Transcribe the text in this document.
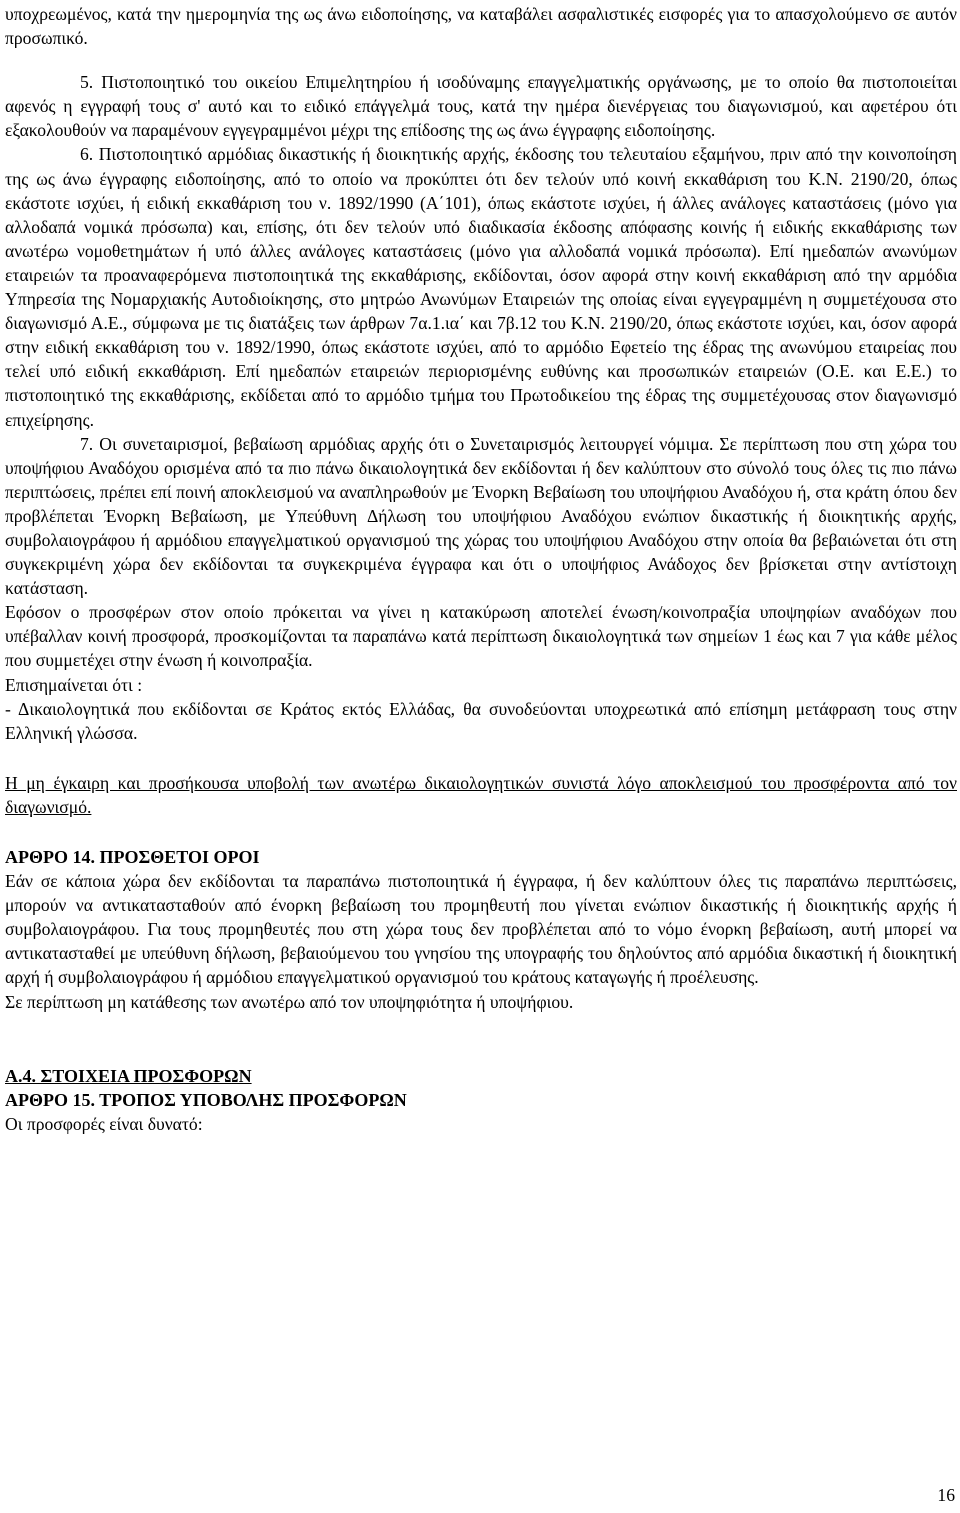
υποχρεωμένος, κατά την ημερομηνία της ως άνω ειδοποίησης, να καταβάλει ασφαλιστικές εισφορές για το απασχολούμενο σε αυτόν προσωπικό.

5. Πιστοποιητικό του οικείου Επιμελητηρίου ή ισοδύναμης επαγγελματικής οργάνωσης, με το οποίο θα πιστοποιείται αφενός η εγγραφή τους σ' αυτό και το ειδικό επάγγελμά τους, κατά την ημέρα διενέργειας του διαγωνισμού, και αφετέρου ότι εξακολουθούν να παραμένουν εγγεγραμμένοι μέχρι της επίδοσης της ως άνω έγγραφης ειδοποίησης.

6. Πιστοποιητικό αρμόδιας δικαστικής ή διοικητικής αρχής, έκδοσης του τελευταίου εξαμήνου, πριν από την κοινοποίηση της ως άνω έγγραφης ειδοποίησης, από το οποίο να προκύπτει ότι δεν τελούν υπό κοινή εκκαθάριση του Κ.Ν. 2190/20, όπως εκάστοτε ισχύει, ή ειδική εκκαθάριση του ν. 1892/1990 (Α΄101), όπως εκάστοτε ισχύει, ή άλλες ανάλογες καταστάσεις (μόνο για αλλοδαπά νομικά πρόσωπα) και, επίσης, ότι δεν τελούν υπό διαδικασία έκδοσης απόφασης κοινής ή ειδικής εκκαθάρισης των ανωτέρω νομοθετημάτων ή υπό άλλες ανάλογες καταστάσεις (μόνο για αλλοδαπά νομικά πρόσωπα). Επί ημεδαπών ανωνύμων εταιρειών τα προαναφερόμενα πιστοποιητικά της εκκαθάρισης, εκδίδονται, όσον αφορά στην κοινή εκκαθάριση από την αρμόδια Υπηρεσία της Νομαρχιακής Αυτοδιοίκησης, στο μητρώο Ανωνύμων Εταιρειών της οποίας είναι εγγεγραμμένη η συμμετέχουσα στο διαγωνισμό Α.Ε., σύμφωνα με τις διατάξεις των άρθρων 7α.1.ια΄ και 7β.12 του Κ.Ν. 2190/20, όπως εκάστοτε ισχύει, και, όσον αφορά στην ειδική εκκαθάριση του ν. 1892/1990, όπως εκάστοτε ισχύει, από το αρμόδιο Εφετείο της έδρας της ανωνύμου εταιρείας που τελεί υπό ειδική εκκαθάριση. Επί ημεδαπών εταιρειών περιορισμένης ευθύνης και προσωπικών εταιρειών (Ο.Ε. και Ε.Ε.) το πιστοποιητικό της εκκαθάρισης, εκδίδεται από το αρμόδιο τμήμα του Πρωτοδικείου της έδρας της συμμετέχουσας στον διαγωνισμό επιχείρησης.

7. Οι συνεταιρισμοί, βεβαίωση αρμόδιας αρχής ότι ο Συνεταιρισμός λειτουργεί νόμιμα. Σε περίπτωση που στη χώρα του υποψήφιου Αναδόχου ορισμένα από τα πιο πάνω δικαιολογητικά δεν εκδίδονται ή δεν καλύπτουν στο σύνολό τους όλες τις πιο πάνω περιπτώσεις, πρέπει επί ποινή αποκλεισμού να αναπληρωθούν με Ένορκη Βεβαίωση του υποψήφιου Αναδόχου ή, στα κράτη όπου δεν προβλέπεται Ένορκη Βεβαίωση, με Υπεύθυνη Δήλωση του υποψήφιου Αναδόχου ενώπιον δικαστικής ή διοικητικής αρχής, συμβολαιογράφου ή αρμόδιου επαγγελματικού οργανισμού της χώρας του υποψήφιου Αναδόχου στην οποία θα βεβαιώνεται ότι στη συγκεκριμένη χώρα δεν εκδίδονται τα συγκεκριμένα έγγραφα και ότι ο υποψήφιος Ανάδοχος δεν βρίσκεται στην αντίστοιχη κατάσταση.

Εφόσον ο προσφέρων στον οποίο πρόκειται να γίνει η κατακύρωση αποτελεί ένωση/κοινοπραξία υποψηφίων αναδόχων που υπέβαλλαν κοινή προσφορά, προσκομίζονται τα παραπάνω κατά περίπτωση δικαιολογητικά των σημείων 1 έως και 7 για κάθε μέλος που συμμετέχει στην ένωση ή κοινοπραξία.

Επισημαίνεται ότι :

- Δικαιολογητικά που εκδίδονται σε Κράτος εκτός Ελλάδας, θα συνοδεύονται υποχρεωτικά από επίσημη μετάφραση τους στην Ελληνική γλώσσα.

Η μη έγκαιρη και προσήκουσα υποβολή των ανωτέρω δικαιολογητικών συνιστά λόγο αποκλεισμού του προσφέροντα από τον διαγωνισμό.

ΑΡΘΡΟ 14. ΠΡΟΣΘΕΤΟΙ ΟΡΟΙ

Εάν σε κάποια χώρα δεν εκδίδονται τα παραπάνω πιστοποιητικά ή έγγραφα, ή δεν καλύπτουν όλες τις παραπάνω περιπτώσεις, μπορούν να αντικατασταθούν από ένορκη βεβαίωση του προμηθευτή που γίνεται ενώπιον δικαστικής ή διοικητικής αρχής ή συμβολαιογράφου. Για τους προμηθευτές που στη χώρα τους δεν προβλέπεται από το νόμο ένορκη βεβαίωση, αυτή μπορεί να αντικατασταθεί με υπεύθυνη δήλωση, βεβαιούμενου του γνησίου της υπογραφής του δηλούντος από αρμόδια δικαστική ή διοικητική αρχή ή συμβολαιογράφου ή αρμόδιου επαγγελματικού οργανισμού του κράτους καταγωγής ή προέλευσης.

Σε περίπτωση μη κατάθεσης των ανωτέρω από τον υποψηφιότητα ή υποψήφιου.

Α.4. ΣΤΟΙΧΕΙΑ ΠΡΟΣΦΟΡΩΝ

ΑΡΘΡΟ 15. ΤΡΟΠΟΣ ΥΠΟΒΟΛΗΣ ΠΡΟΣΦΟΡΩΝ

Οι προσφορές είναι δυνατό:

16
